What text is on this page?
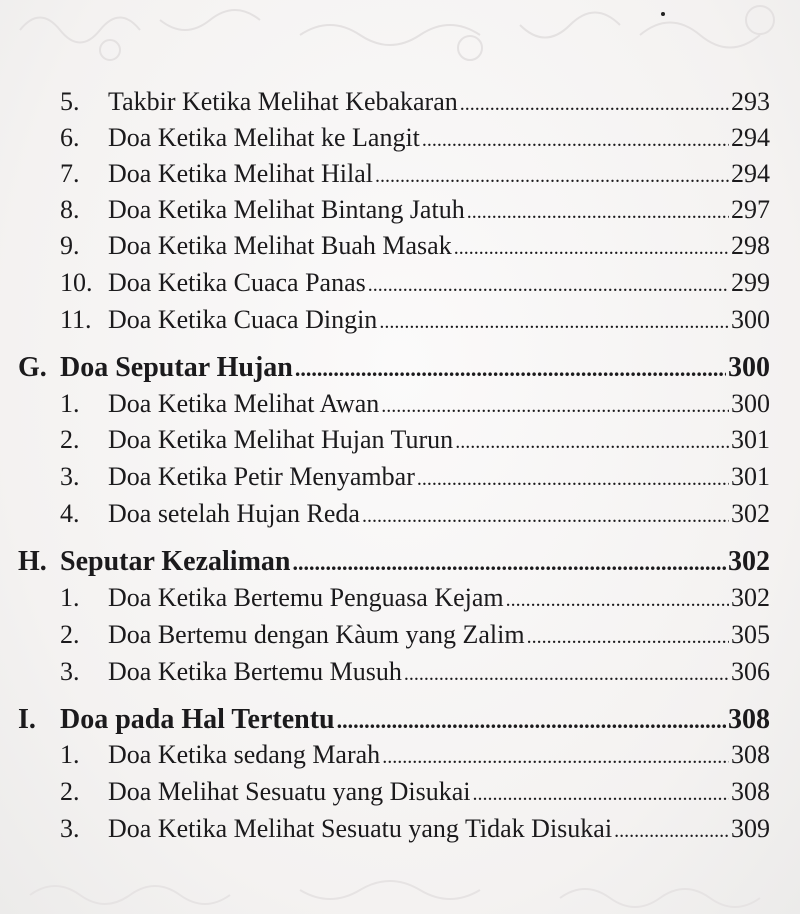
5.	Takbir Ketika Melihat Kebakaran .....	293
6.	Doa Ketika Melihat ke Langit .....	294
7.	Doa Ketika Melihat Hilal .....	294
8.	Doa Ketika Melihat Bintang Jatuh .....	297
9.	Doa Ketika Melihat Buah Masak .....	298
10. Doa Ketika Cuaca Panas .....	299
11. Doa Ketika Cuaca Dingin .....	300
G. Doa Seputar Hujan .....	300
1.	Doa Ketika Melihat Awan .....	300
2.	Doa Ketika Melihat Hujan Turun .....	301
3.	Doa Ketika Petir Menyambar .....	301
4.	Doa setelah Hujan Reda .....	302
H. Seputar Kezaliman .....	302
1.	Doa Ketika Bertemu Penguasa Kejam .....	302
2.	Doa Bertemu dengan Kàum yang Zalim .....	305
3.	Doa Ketika Bertemu Musuh .....	306
I. Doa pada Hal Tertentu .....	308
1.	Doa Ketika sedang Marah .....	308
2.	Doa Melihat Sesuatu yang Disukai .....	308
3.	Doa Ketika Melihat Sesuatu yang Tidak Disukai .....	309
